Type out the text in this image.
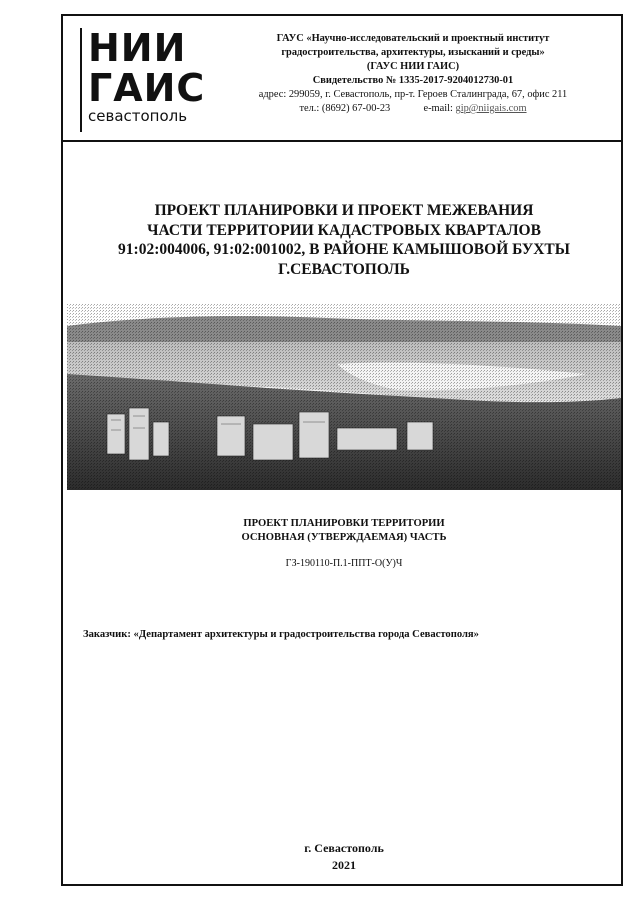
НИИ
ГАИС
севастополь
ГАУС «Научно-исследовательский и проектный институт
градостроительства, архитектуры, изысканий и среды»
(ГАУС НИИ ГАИС)
Свидетельство № 1335-2017-9204012730-01
адрес: 299059, г. Севастополь, пр-т. Героев Сталинграда, 67, офис 211
тел.: (8692) 67-00-23	e-mail: gip@niigais.com
ПРОЕКТ ПЛАНИРОВКИ И ПРОЕКТ МЕЖЕВАНИЯ
ЧАСТИ ТЕРРИТОРИИ КАДАСТРОВЫХ КВАРТАЛОВ
91:02:004006, 91:02:001002, В РАЙОНЕ КАМЫШОВОЙ БУХТЫ
Г.СЕВАСТОПОЛЬ
ПРОЕКТ ПЛАНИРОВКИ ТЕРРИТОРИИ
ОСНОВНАЯ (УТВЕРЖДАЕМАЯ) ЧАСТЬ
ГЗ-190110-П.1-ППТ-О(У)Ч
Заказчик: «Департамент архитектуры и градостроительства города Севастополя»
г. Севастополь
2021
